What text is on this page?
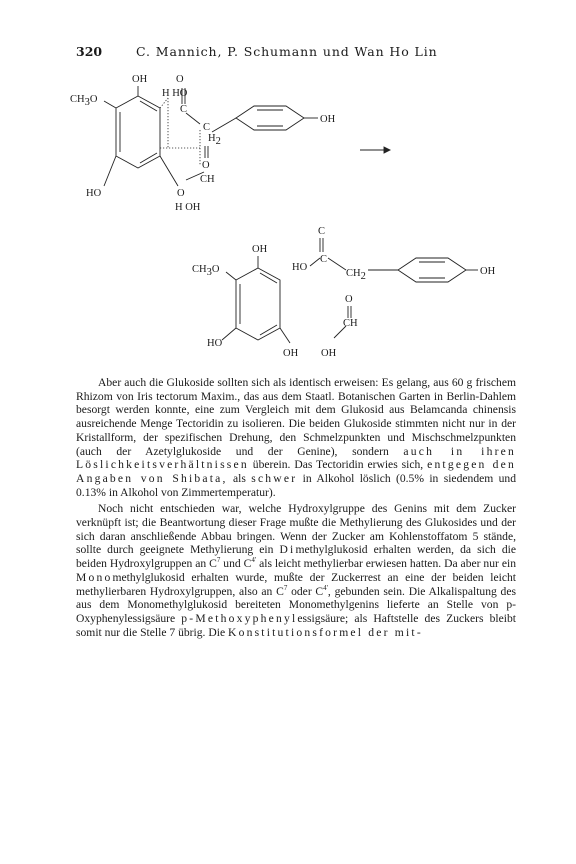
320	C. Mannich, P. Schumann und Wan Ho Lin
OH	O
H HO
C
CH3O
C
H2
OH
O
CH
HO	O
H OH
OH
CH3O
HO
OH OH
C
HO
C
CH2	OH
O
CH

Aber auch die Glukoside sollten sich als identisch erweisen: Es gelang, aus 60 g frischem Rhizom von Iris tectorum Maxim., das aus dem Staatl. Botanischen Garten in Berlin-Dahlem besorgt werden konnte, eine zum Vergleich mit dem Glukosid aus Belamcanda chinensis ausreichende Menge Tectoridin zu isolieren. Die beiden Glukoside stimmten nicht nur in der Kristallform, der spezifischen Drehung, den Schmelzpunkten und Mischschmelzpunkten (auch der Azetylglukoside und der Genine), sondern auch in ihren Löslichkeitsverhältnissen überein. Das Tectoridin erwies sich, entgegen den Angaben von Shibata, als schwer in Alkohol löslich (0.5% in siedendem und 0.13% in Alkohol von Zimmertemperatur).

Noch nicht entschieden war, welche Hydroxylgruppe des Genins mit dem Zucker verknüpft ist; die Beantwortung dieser Frage mußte die Methylierung des Glukosides und der sich daran anschließende Abbau bringen. Wenn der Zucker am Kohlenstoffatom 5 stände, sollte durch geeignete Methylierung ein Dimethylglukosid erhalten werden, da sich die beiden Hydroxylgruppen an $C^7$ und $C^{4'}$ als leicht methylierbar erwiesen hatten. Da aber nur ein Monomethylglukosid erhalten wurde, mußte der Zuckerrest an eine der beiden leicht methylierbaren Hydroxylgruppen, also an $C^7$ oder $C^{4'}$, gebunden sein. Die Alkalispaltung des aus dem Monomethylglukosid bereiteten Monomethylgenins lieferte an Stelle von p-Oxyphenylessigsäure p-Methoxyphenylessigsäure; als Haftstelle des Zuckers bleibt somit nur die Stelle 7 übrig. Die Konstitutionsformel der mit-
